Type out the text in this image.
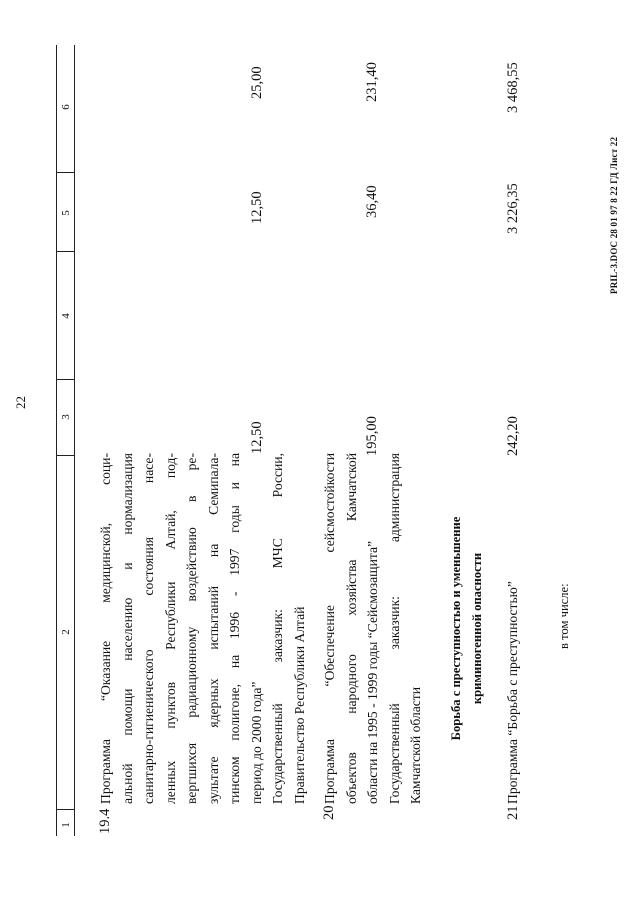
22
1
2
3
4
5
6
19.4
Программа “Оказание медицинской, соци- альной помощи населению и нормализация санитарно-гигиенического состояния насе- ленных пунктов Республики Алтай, под- вергшихся радиационному воздействию в ре- зультате ядерных испытаний на Семипала- тинском полигоне, на 1996 - 1997 годы и на период до 2000 года” Государственный заказчик: МЧС России, Правительство Республики Алтай
12,50
12,50
25,00
20
Программа “Обеспечение сейсмостойкости объектов народного хозяйства Камчатской области на 1995 - 1999 годы “Сейсмозащита” Государственный заказчик: администрация Камчатской области
195,00
36,40
231,40
Борьба с преступностью и уменьшение криминогенной опасности
21
Программа “Борьба с преступностью”
242,20
3 226,35
3 468,55
в том числе:
PRIL-3.DOC 28 01 97 8 22 ГД Лист 22
